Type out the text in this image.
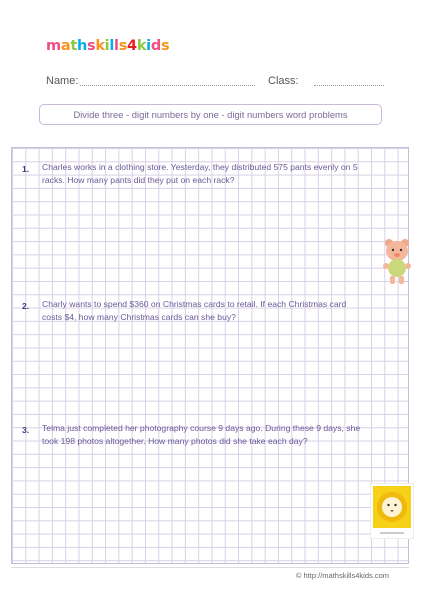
mathskills4kids
Name:	Class:
Divide three - digit numbers by one - digit numbers word problems
1. Charles works in a clothing store. Yesterday, they distributed 575 pants evenly on 5 racks. How many pants did they put on each rack?
2. Charly wants to spend $360 on Christmas cards to retail. If each Christmas card costs $4, how many Christmas cards can she buy?
3. Telma just completed her photography course 9 days ago. During these 9 days, she took 198 photos altogether. How many photos did she take each day?
© http://mathskills4kids.com
